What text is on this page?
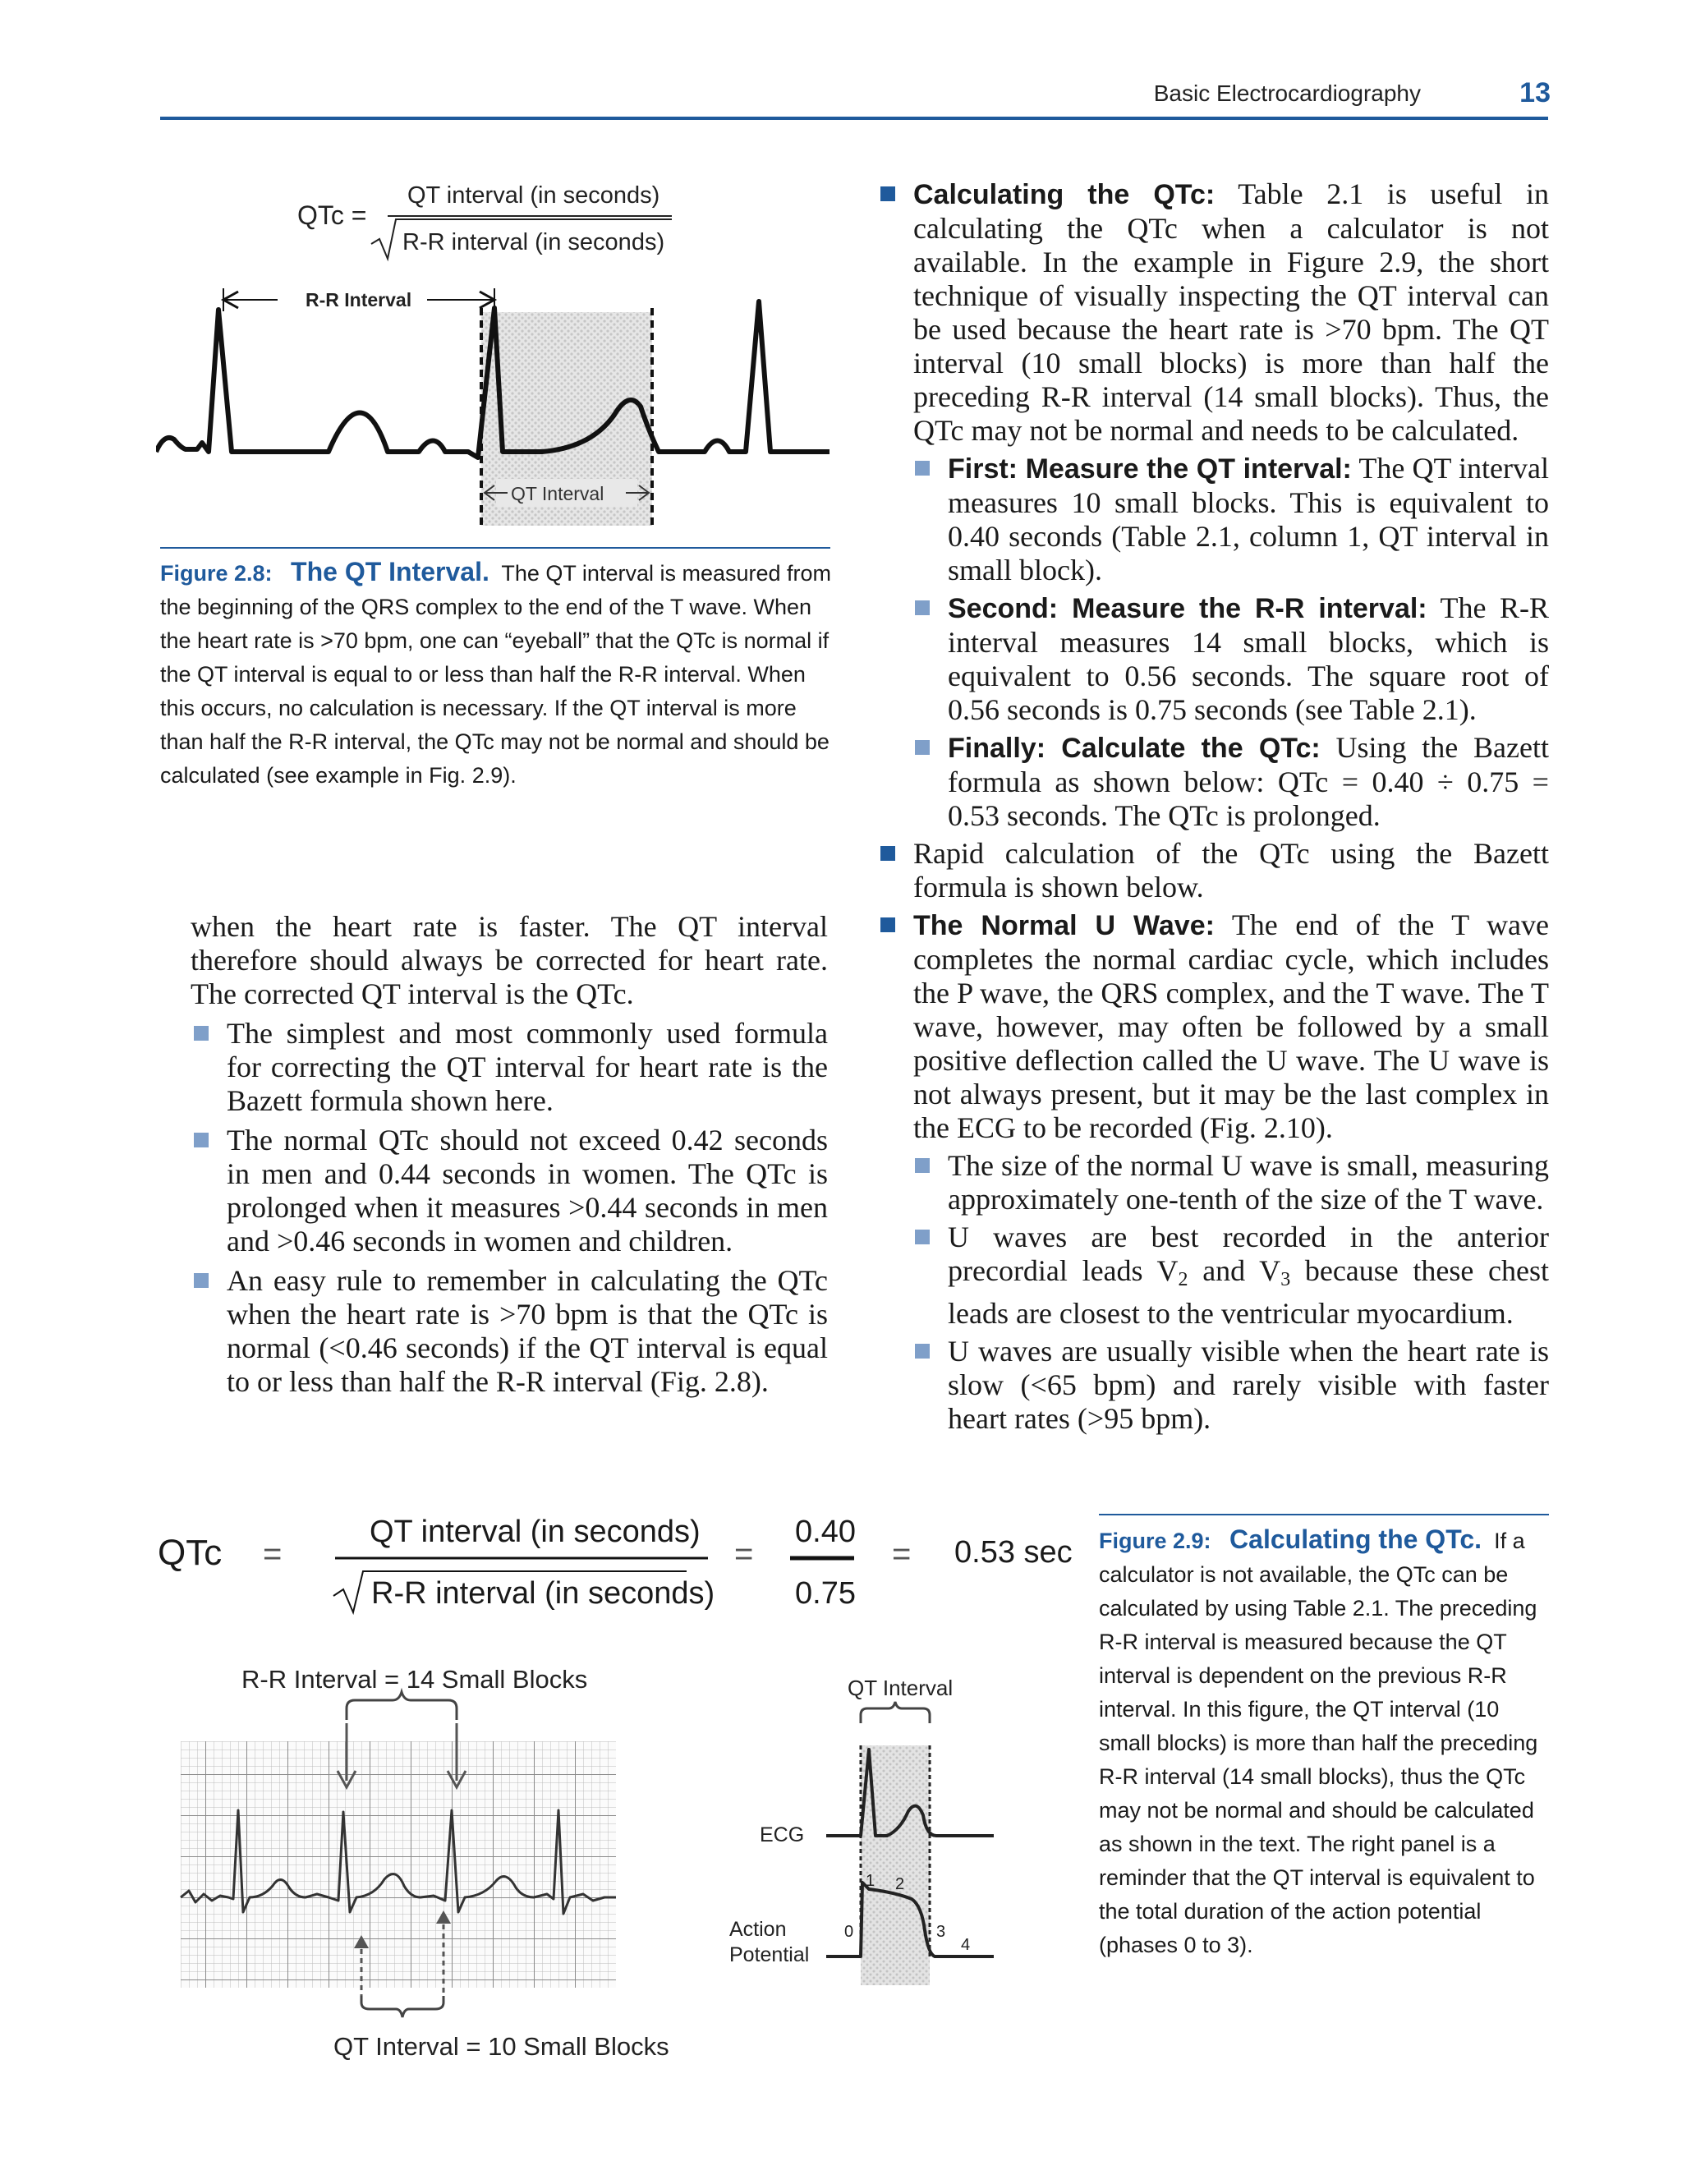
Basic Electrocardiography	13
QTc =
QT interval (in seconds)
R-R interval (in seconds)
R-R Interval
QT Interval
Figure 2.8: The QT Interval. The QT interval is measured from the beginning of the QRS complex to the end of the T wave. When the heart rate is >70 bpm, one can “eyeball” that the QTc is normal if the QT interval is equal to or less than half the R-R interval. When this occurs, no calculation is necessary. If the QT interval is more than half the R-R interval, the QTc may not be normal and should be calculated (see example in Fig. 2.9).

when the heart rate is faster. The QT interval therefore should always be corrected for heart rate. The corrected QT interval is the QTc.

The simplest and most commonly used formula for correcting the QT interval for heart rate is the Bazett formula shown here.
The normal QTc should not exceed 0.42 seconds in men and 0.44 seconds in women. The QTc is prolonged when it measures >0.44 seconds in men and >0.46 seconds in women and children.
An easy rule to remember in calculating the QTc when the heart rate is >70 bpm is that the QTc is normal (<0.46 seconds) if the QT interval is equal to or less than half the R-R interval (Fig. 2.8).
Calculating the QTc: Table 2.1 is useful in calculating the QTc when a calculator is not available. In the example in Figure 2.9, the short technique of visually inspecting the QT interval can be used because the heart rate is >70 bpm. The QT interval (10 small blocks) is more than half the preceding R-R interval (14 small blocks). Thus, the QTc may not be normal and needs to be calculated.
First: Measure the QT interval: The QT interval measures 10 small blocks. This is equivalent to 0.40 seconds (Table 2.1, column 1, QT interval in small block).
Second: Measure the R-R interval: The R-R interval measures 14 small blocks, which is equivalent to 0.56 seconds. The square root of 0.56 seconds is 0.75 seconds (see Table 2.1).
Finally: Calculate the QTc: Using the Bazett formula as shown below: QTc = 0.40 ÷ 0.75 = 0.53 seconds. The QTc is prolonged.
Rapid calculation of the QTc using the Bazett formula is shown below.
The Normal U Wave: The end of the T wave completes the normal cardiac cycle, which includes the P wave, the QRS complex, and the T wave. The T wave, however, may often be followed by a small positive deflection called the U wave. The U wave is not always present, but it may be the last complex in the ECG to be recorded (Fig. 2.10).
The size of the normal U wave is small, measuring approximately one-tenth of the size of the T wave.
U waves are best recorded in the anterior precordial leads $V_2$ and $V_3$ because these chest leads are closest to the ventricular myocardium.
U waves are usually visible when the heart rate is slow (<65 bpm) and rarely visible with faster heart rates (>95 bpm).
QTc =
QT interval (in seconds)
R-R interval (in seconds)
=
0.40
0.75
= 0.53 sec
R-R Interval = 14 Small Blocks
QT Interval = 10 Small Blocks
QT Interval
ECG
Action
Potential
0
1 2
3
4
Figure 2.9: Calculating the QTc. If a calculator is not available, the QTc can be calculated by using Table 2.1. The preceding R-R interval is measured because the QT interval is dependent on the previous R-R interval. In this figure, the QT interval (10 small blocks) is more than half the preceding R-R interval (14 small blocks), thus the QTc may not be normal and should be calculated as shown in the text. The right panel is a reminder that the QT interval is equivalent to the total duration of the action potential (phases 0 to 3).
